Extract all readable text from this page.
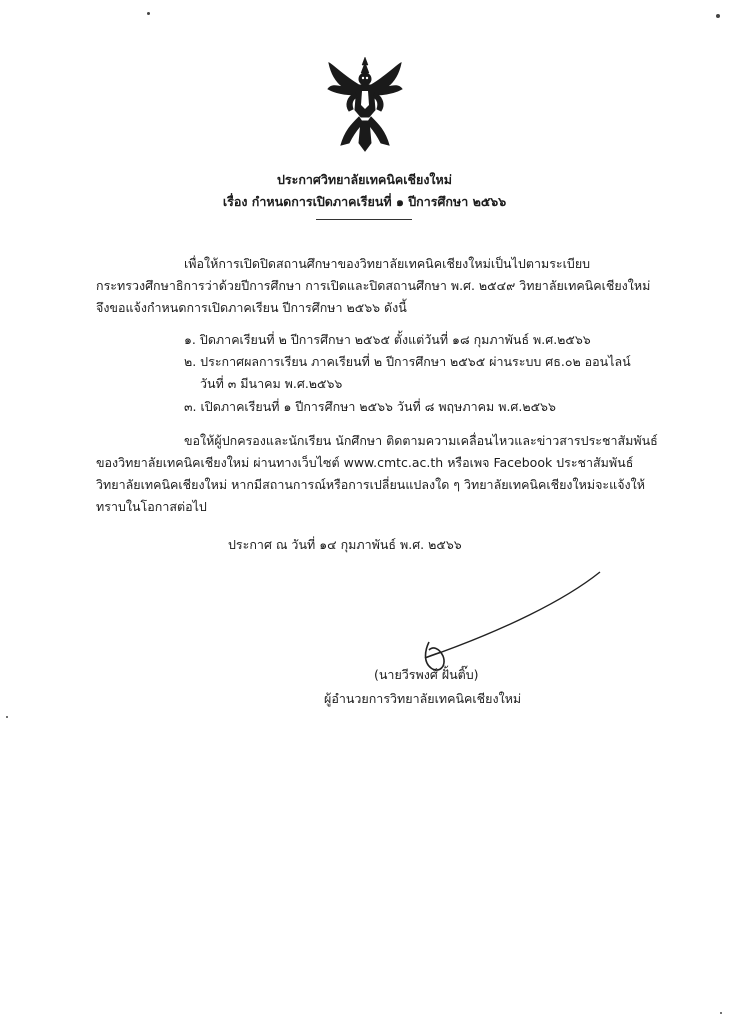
ประกาศวิทยาลัยเทคนิคเชียงใหม่
เรื่อง กำหนดการเปิดภาคเรียนที่ ๑ ปีการศึกษา ๒๕๖๖
เพื่อให้การเปิดปิดสถานศึกษาของวิทยาลัยเทคนิคเชียงใหม่เป็นไปตามระเบียบ
กระทรวงศึกษาธิการว่าด้วยปีการศึกษา การเปิดและปิดสถานศึกษา พ.ศ. ๒๕๔๙ วิทยาลัยเทคนิคเชียงใหม่
จึงขอแจ้งกำหนดการเปิดภาคเรียน ปีการศึกษา ๒๕๖๖ ดังนี้
๑. ปิดภาคเรียนที่ ๒ ปีการศึกษา ๒๕๖๕ ตั้งแต่วันที่ ๑๘ กุมภาพันธ์ พ.ศ.๒๕๖๖
๒. ประกาศผลการเรียน ภาคเรียนที่ ๒ ปีการศึกษา ๒๕๖๕ ผ่านระบบ ศธ.๐๒ ออนไลน์
วันที่ ๓ มีนาคม พ.ศ.๒๕๖๖
๓. เปิดภาคเรียนที่ ๑ ปีการศึกษา ๒๕๖๖ วันที่ ๘ พฤษภาคม พ.ศ.๒๕๖๖
ขอให้ผู้ปกครองและนักเรียน นักศึกษา ติดตามความเคลื่อนไหวและข่าวสารประชาสัมพันธ์
ของวิทยาลัยเทคนิคเชียงใหม่ ผ่านทางเว็บไซต์ www.cmtc.ac.th หรือเพจ Facebook ประชาสัมพันธ์
วิทยาลัยเทคนิคเชียงใหม่ หากมีสถานการณ์หรือการเปลี่ยนแปลงใด ๆ วิทยาลัยเทคนิคเชียงใหม่จะแจ้งให้
ทราบในโอกาสต่อไป
ประกาศ ณ วันที่ ๑๔ กุมภาพันธ์ พ.ศ. ๒๕๖๖
(นายวีรพงศ์ ฝั้นติ๊บ)
ผู้อำนวยการวิทยาลัยเทคนิคเชียงใหม่
